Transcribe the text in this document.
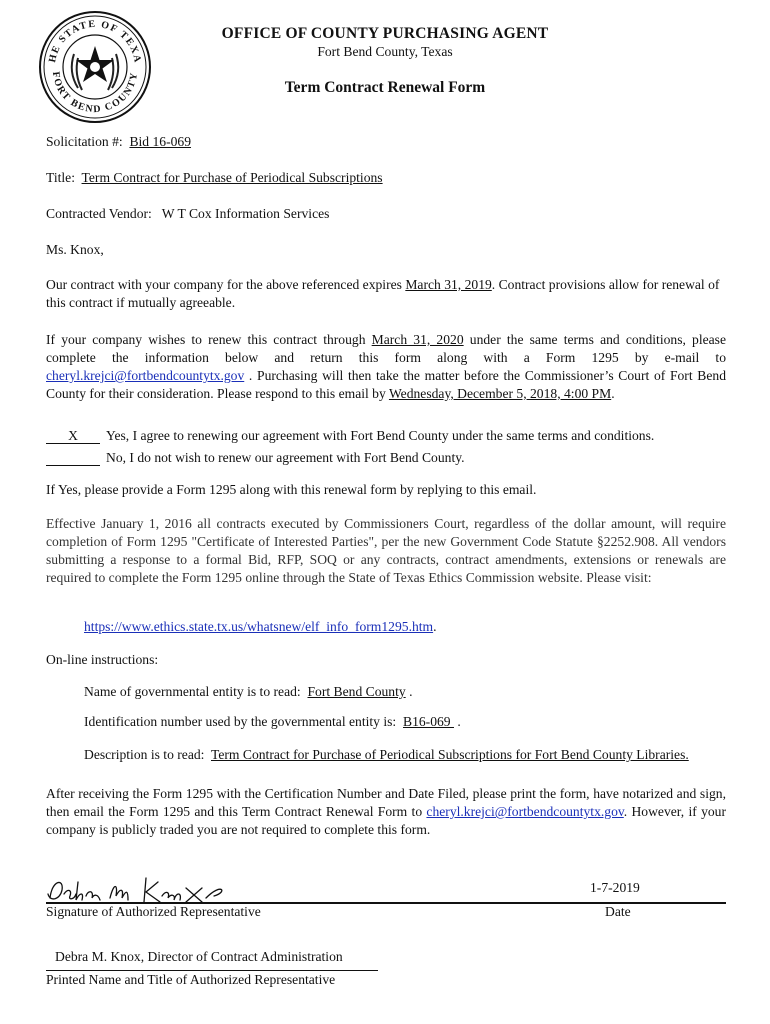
HE STATE OF TEXA
FORT BEND COUNTY
OFFICE OF COUNTY PURCHASING AGENT
Fort Bend County, Texas
Term Contract Renewal Form
Solicitation #: Bid 16-069
Title: Term Contract for Purchase of Periodical Subscriptions
Contracted Vendor: W T Cox Information Services
Ms. Knox,
Our contract with your company for the above referenced expires March 31, 2019. Contract provisions allow for renewal of this contract if mutually agreeable.
If your company wishes to renew this contract through March 31, 2020 under the same terms and conditions, please complete the information below and return this form along with a Form 1295 by e-mail to cheryl.krejci@fortbendcountytx.gov . Purchasing will then take the matter before the Commissioner’s Court of Fort Bend County for their consideration. Please respond to this email by Wednesday, December 5, 2018, 4:00 PM.
X Yes, I agree to renewing our agreement with Fort Bend County under the same terms and conditions.
No, I do not wish to renew our agreement with Fort Bend County.
If Yes, please provide a Form 1295 along with this renewal form by replying to this email.
Effective January 1, 2016 all contracts executed by Commissioners Court, regardless of the dollar amount, will require completion of Form 1295 "Certificate of Interested Parties", per the new Government Code Statute §2252.908. All vendors submitting a response to a formal Bid, RFP, SOQ or any contracts, contract amendments, extensions or renewals are required to complete the Form 1295 online through the State of Texas Ethics Commission website. Please visit:
https://www.ethics.state.tx.us/whatsnew/elf_info_form1295.htm.
On-line instructions:
Name of governmental entity is to read: Fort Bend County .
Identification number used by the governmental entity is:  B16-069  .
Description is to read: Term Contract for Purchase of Periodical Subscriptions for Fort Bend County Libraries.
After receiving the Form 1295 with the Certification Number and Date Filed, please print the form, have notarized and sign, then email the Form 1295 and this Term Contract Renewal Form to cheryl.krejci@fortbendcountytx.gov. However, if your company is publicly traded you are not required to complete this form.
1-7-2019
Signature of Authorized Representative	Date
Debra M. Knox, Director of Contract Administration
Printed Name and Title of Authorized Representative
